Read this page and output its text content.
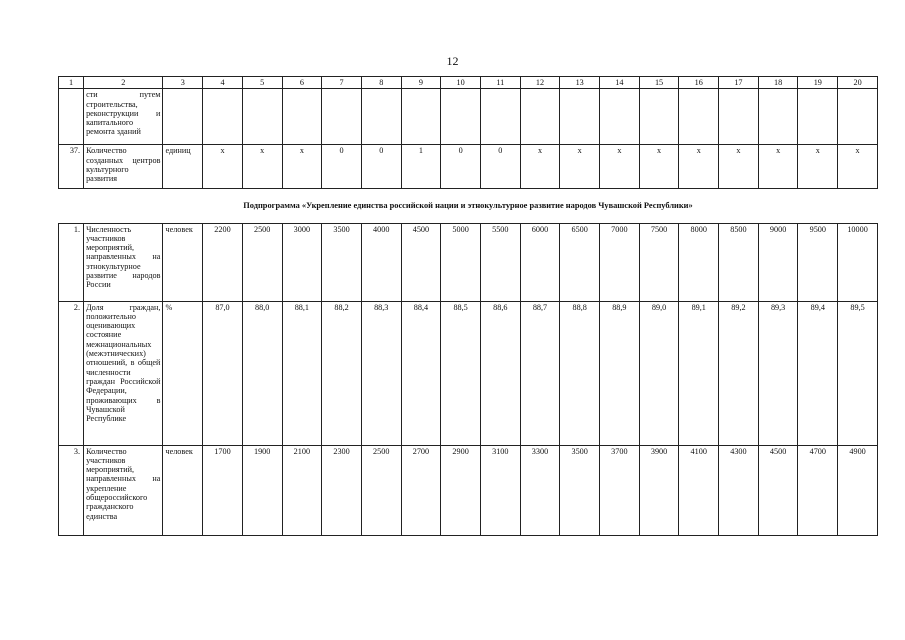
12
1	2	3	4	5	6	7	8	9	10	11	12	13	14	15	16	17	18	19	20
	сти путем строительства, реконструкции и капитального ремонта зданий																		
37.	Количество созданных центров культурного развития	единиц	x	x	x	0	0	1	0	0	x	x	x	x	x	x	x	x	x
Подпрограмма «Укрепление единства российской нации и этнокультурное развитие народов Чувашской Республики»																			
1.	Численность участников мероприятий, направленных на этнокультурное развитие народов России	человек	2200	2500	3000	3500	4000	4500	5000	5500	6000	6500	7000	7500	8000	8500	9000	9500	10000
2.	Доля граждан, положительно оценивающих состояние межнациональных (межэтнических) отношений, в общей численности граждан Российской Федерации, проживающих в Чувашской Республике	%	87,0	88,0	88,1	88,2	88,3	88,4	88,5	88,6	88,7	88,8	88,9	89,0	89,1	89,2	89,3	89,4	89,5
3.	Количество участников мероприятий, направленных на укрепление общероссийского гражданского единства	человек	1700	1900	2100	2300	2500	2700	2900	3100	3300	3500	3700	3900	4100	4300	4500	4700	4900
